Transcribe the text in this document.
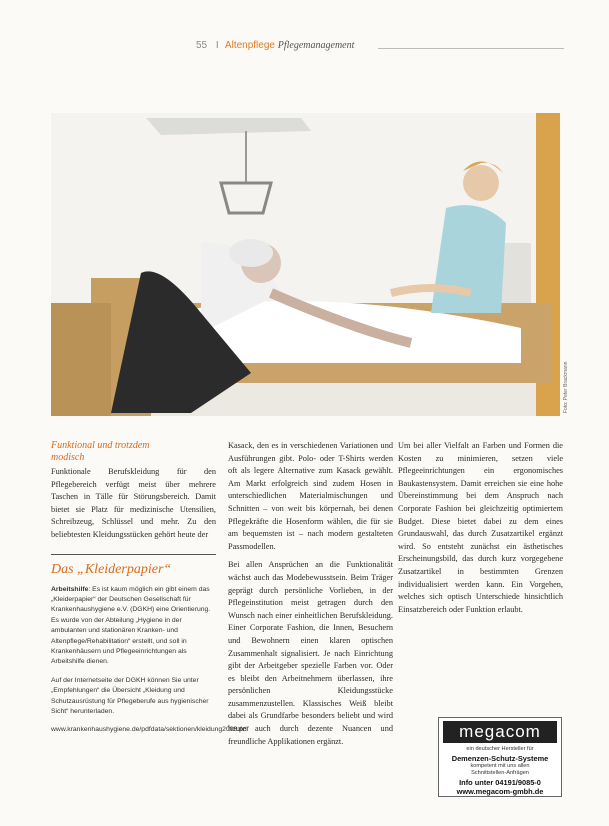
55 I Altenpflege Pflegemanagement
Foto: Peter Brackmann
Funktional und trotzdem
modisch

Funktionale Berufskleidung für den Pflegebereich verfügt meist über mehrere Taschen in Tälle für Störungsbereich. Damit bietet sie Platz für medizinische Utensilien, Schreibzeug, Schlüssel und mehr. Zu den beliebtesten Kleidungsstücken gehört heute der

Das „Kleiderpapier“

Arbeitshilfe: Es ist kaum möglich ein gibt einem das „Kleiderpapier“ der Deutschen Gesellschaft für Krankenhaushygiene e.V. (DGKH) eine Orientierung. Es wurde von der Abteilung „Hygiene in der ambulanten und stationären Kranken- und Altenpflege/Rehabilitation“ erstellt, und soll in Krankenhäusern und Pflegeeinrichtungen als Arbeitshilfe dienen.

Auf der Internetseite der DGKH können Sie unter „Empfehlungen“ die Übersicht „Kleidung und Schutzausrüstung für Pflegeberufe aus hygienischer Sicht“ herunterladen.

www.krankenhaushygiene.de/pdfdata/sektionen/kleidung2008.pdf

Kasack, den es in verschiedenen Variationen und Ausführungen gibt. Polo- oder T-Shirts werden oft als legere Alternative zum Kasack gewählt. Am Markt erfolgreich sind zudem Hosen in unterschiedlichen Materialmischungen und Schnitten – von weit bis körpernah, bei denen Pflegekräfte die Hosenform wählen, die für sie am bequemsten ist – nach modern gestalteten Passmodellen.

Bei allen Ansprüchen an die Funktionalität wächst auch das Modebewusstsein. Beim Träger geprägt durch persönliche Vorlieben, in der Pflegeinstitution meist getragen durch den Wunsch nach einer einheitlichen Berufskleidung. Einer Corporate Fashion, die Innen, Besuchern und Bewohnern einen klaren optischen Zusammenhalt signalisiert. Je nach Einrichtung gibt der Arbeitgeber spezielle Farben vor. Oder es bleibt den Arbeitnehmern überlassen, ihre persönlichen Kleidungsstücke zusammenzustellen. Klassisches Weiß bleibt dabei als Grundfarbe besonders beliebt und wird heute auch durch dezente Nuancen und freundliche Applikationen ergänzt.

Um bei aller Vielfalt an Farben und Formen die Kosten zu minimieren, setzen viele Pflegeeinrichtungen ein ergonomisches Baukastensystem. Damit erreichen sie eine hohe Übereinstimmung bei dem Anspruch nach Corporate Fashion bei gleichzeitig optimiertem Budget. Diese bietet dabei zu dem eines Grundauswahl, das durch Zusatzartikel ergänzt wird. So entsteht zunächst ein ästhetisches Erscheinungsbild, das durch kurz vorgegebene Zusatzartikel in bestimmten Grenzen individualisiert werden kann. Ein Vorgehen, welches sich optisch Unterschiede hinsichtlich Einsatzbereich oder Funktion erlaubt.

megacom
ein deutscher Hersteller für
Demenzen-Schutz-Systeme
kompetent mit uns allen
Schnittstellen-Anfrägen
Info unter 04191/9085-0
www.megacom-gmbh.de
